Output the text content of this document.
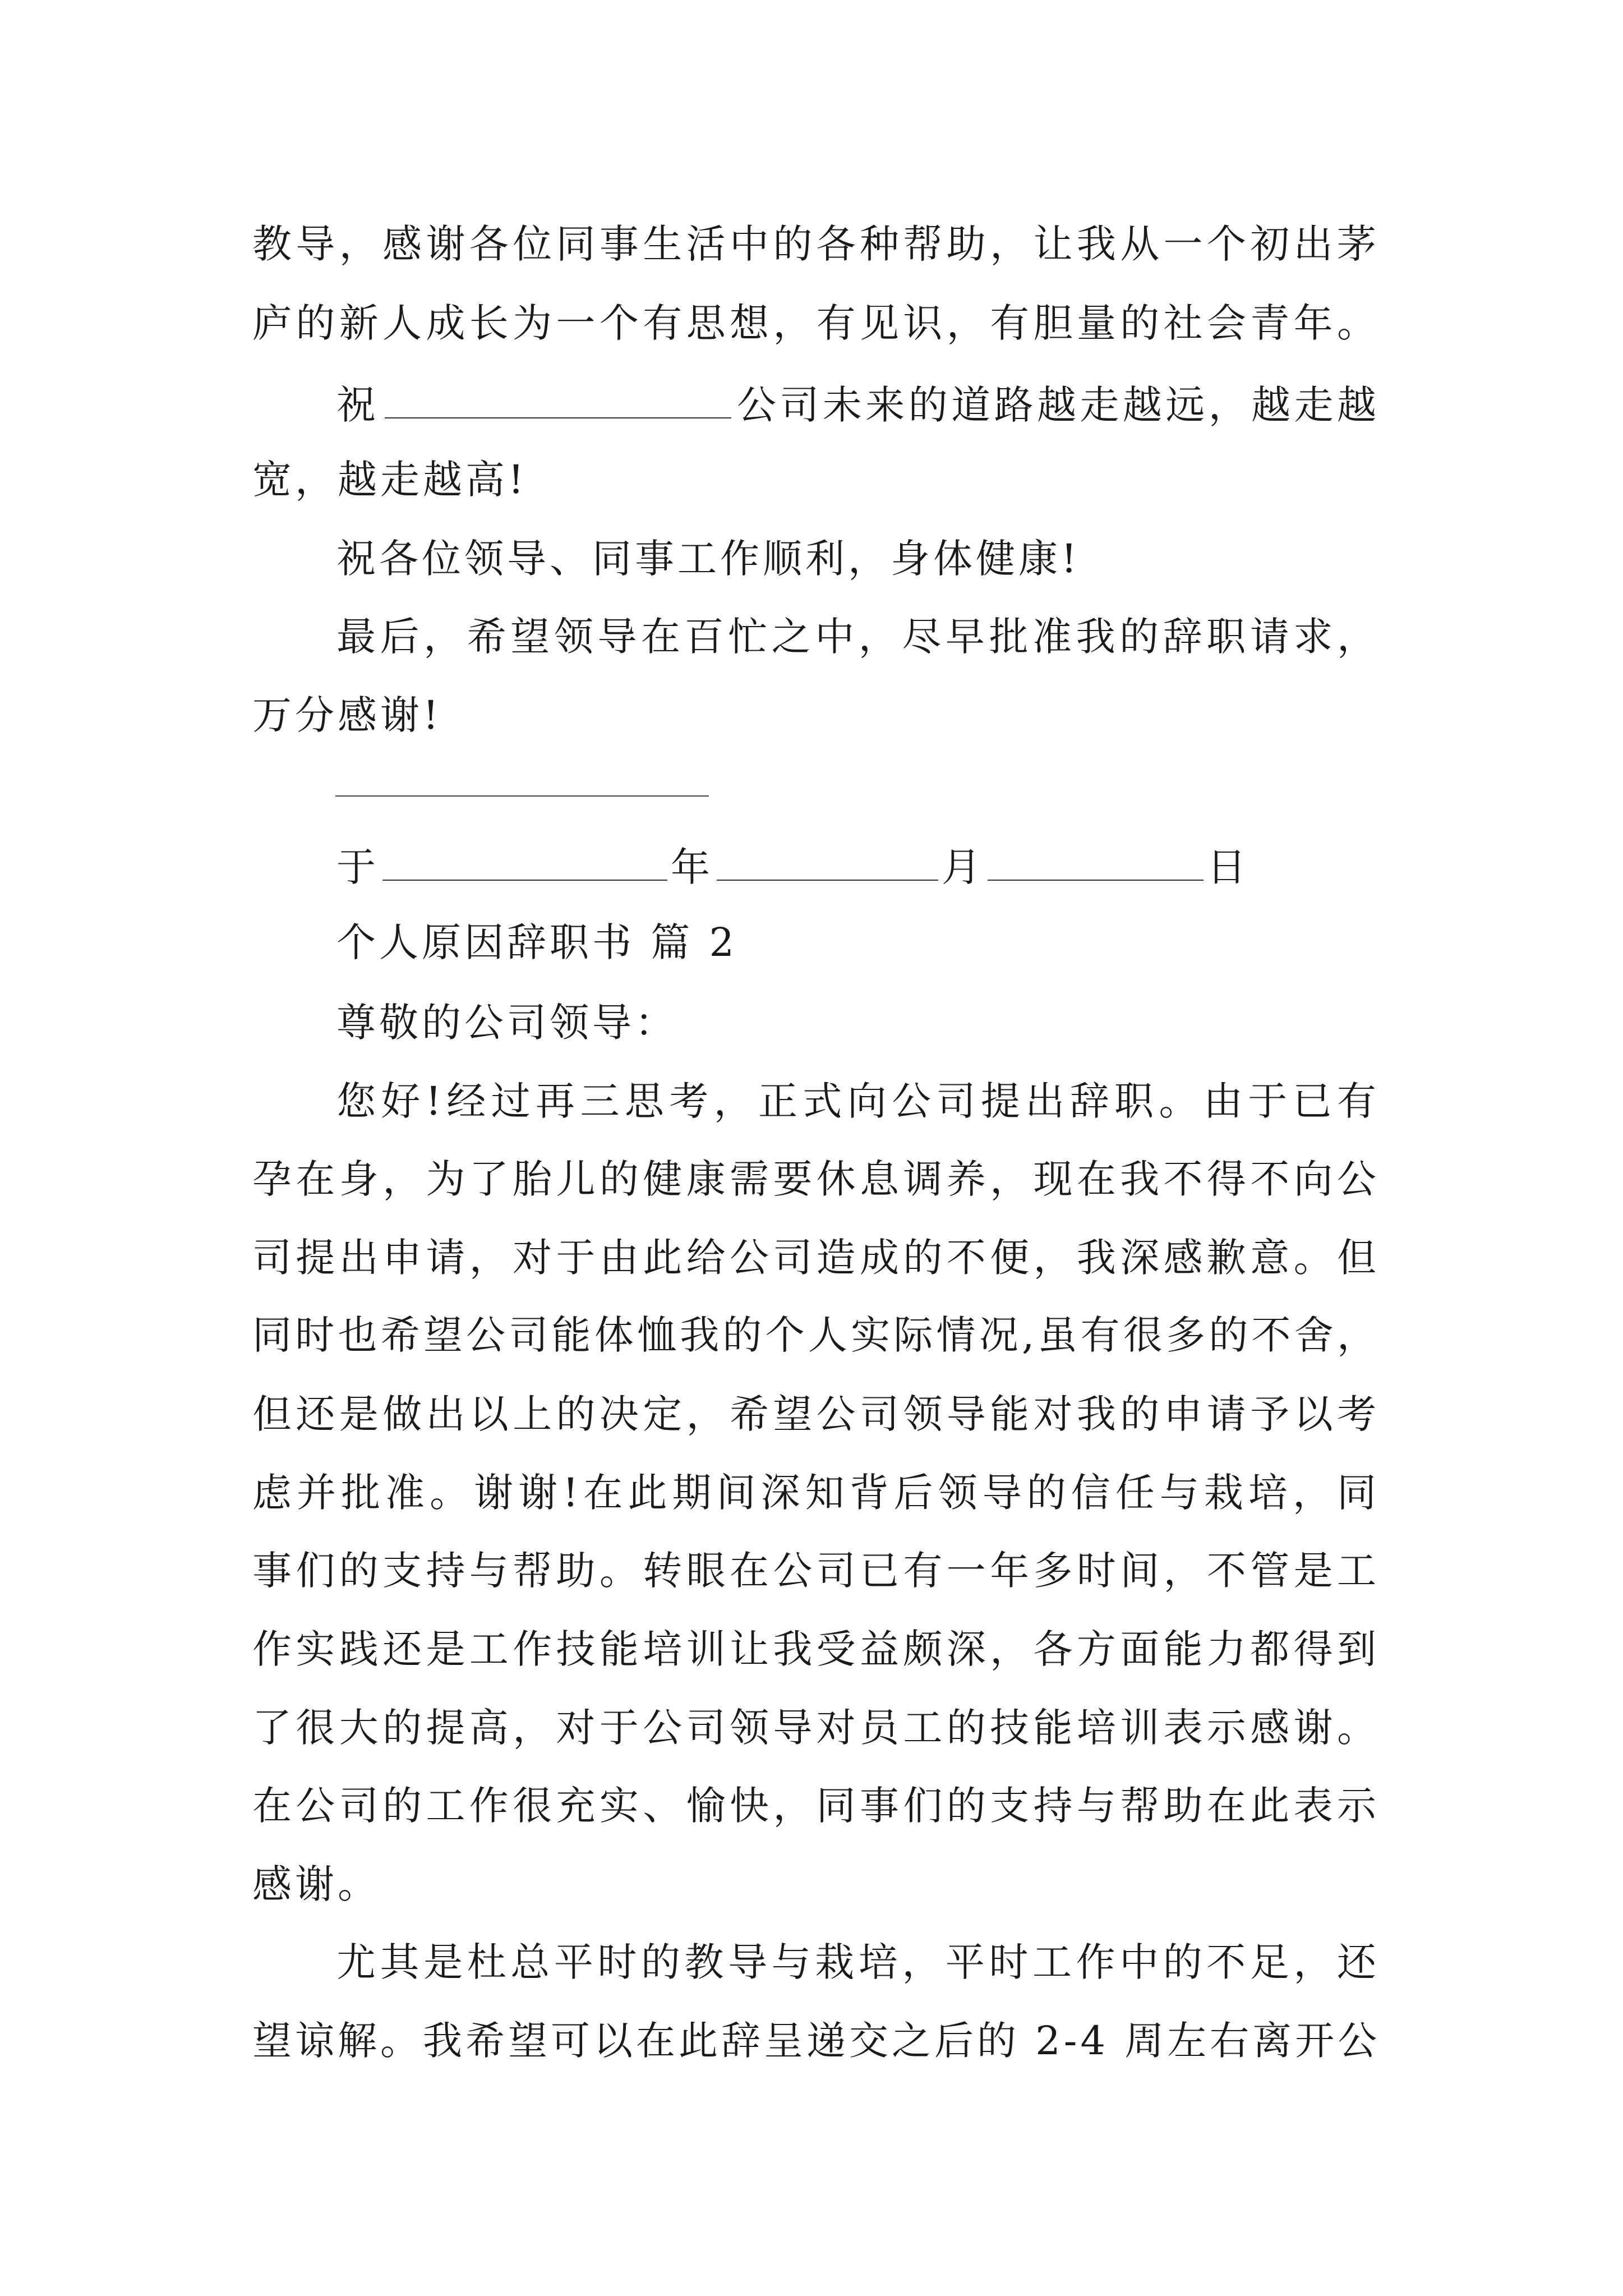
教导，感谢各位同事生活中的各种帮助，让我从一个初出茅
庐的新人成长为一个有思想，有见识，有胆量的社会青年。
祝	公司未来的道路越走越远，越走越
宽，越走越高!
祝各位领导、同事工作顺利，身体健康!
最后，希望领导在百忙之中，尽早批准我的辞职请求，
万分感谢!
于	年	月	日
个人原因辞职书 篇 2
尊敬的公司领导：
您好!经过再三思考，正式向公司提出辞职。由于已有
孕在身，为了胎儿的健康需要休息调养，现在我不得不向公
司提出申请，对于由此给公司造成的不便，我深感歉意。但
同时也希望公司能体恤我的个人实际情况,虽有很多的不舍，
但还是做出以上的决定，希望公司领导能对我的申请予以考
虑并批准。谢谢!在此期间深知背后领导的信任与栽培，同
事们的支持与帮助。转眼在公司已有一年多时间，不管是工
作实践还是工作技能培训让我受益颇深，各方面能力都得到
了很大的提高，对于公司领导对员工的技能培训表示感谢。
在公司的工作很充实、愉快，同事们的支持与帮助在此表示
感谢。
尤其是杜总平时的教导与栽培，平时工作中的不足，还
望谅解。我希望可以在此辞呈递交之后的 2-4 周左右离开公
